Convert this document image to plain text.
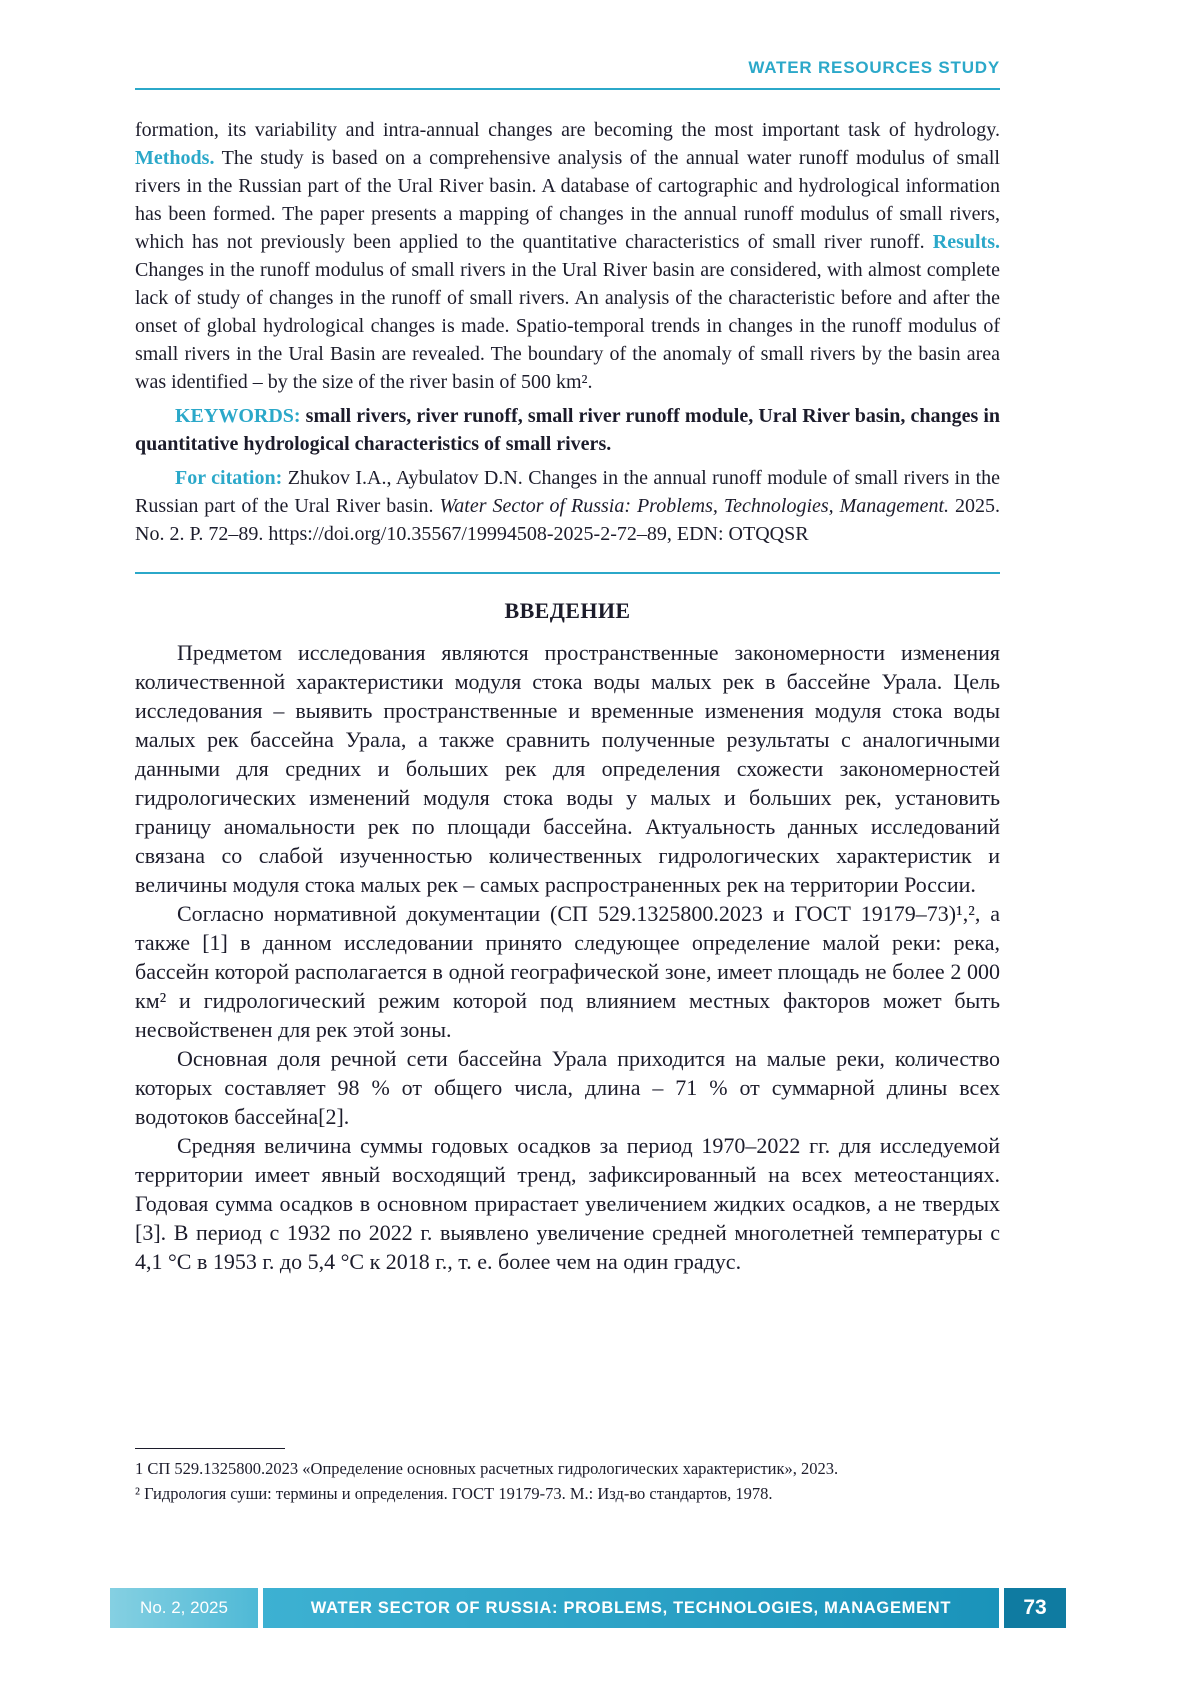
WATER RESOURCES STUDY

formation, its variability and intra-annual changes are becoming the most important task of hydrology. Methods. The study is based on a comprehensive analysis of the annual water runoff modulus of small rivers in the Russian part of the Ural River basin. A database of cartographic and hydrological information has been formed. The paper presents a mapping of changes in the annual runoff modulus of small rivers, which has not previously been applied to the quantitative characteristics of small river runoff. Results. Changes in the runoff modulus of small rivers in the Ural River basin are considered, with almost complete lack of study of changes in the runoff of small rivers. An analysis of the characteristic before and after the onset of global hydrological changes is made. Spatio-temporal trends in changes in the runoff modulus of small rivers in the Ural Basin are revealed. The boundary of the anomaly of small rivers by the basin area was identified – by the size of the river basin of 500 km².

KEYWORDS: small rivers, river runoff, small river runoff module, Ural River basin, changes in quantitative hydrological characteristics of small rivers.

For citation: Zhukov I.A., Aybulatov D.N. Changes in the annual runoff module of small rivers in the Russian part of the Ural River basin. Water Sector of Russia: Problems, Technologies, Management. 2025. No. 2. P. 72–89. https://doi.org/10.35567/19994508-2025-2-72–89, EDN: OTQQSR

ВВЕДЕНИЕ

Предметом исследования являются пространственные закономерности изменения количественной характеристики модуля стока воды малых рек в бассейне Урала. Цель исследования – выявить пространственные и временные изменения модуля стока воды малых рек бассейна Урала, а также сравнить полученные результаты с аналогичными данными для средних и больших рек для определения схожести закономерностей гидрологических изменений модуля стока воды у малых и больших рек, установить границу аномальности рек по площади бассейна. Актуальность данных исследований связана со слабой изученностью количественных гидрологических характеристик и величины модуля стока малых рек – самых распространенных рек на территории России.

Согласно нормативной документации (СП 529.1325800.2023 и ГОСТ 19179–73)¹,², а также [1] в данном исследовании принято следующее определение малой реки: река, бассейн которой располагается в одной географической зоне, имеет площадь не более 2 000 км² и гидрологический режим которой под влиянием местных факторов может быть несвойственен для рек этой зоны.

Основная доля речной сети бассейна Урала приходится на малые реки, количество которых составляет 98 % от общего числа, длина – 71 % от суммарной длины всех водотоков бассейна[2].

Средняя величина суммы годовых осадков за период 1970–2022 гг. для исследуемой территории имеет явный восходящий тренд, зафиксированный на всех метеостанциях. Годовая сумма осадков в основном прирастает увеличением жидких осадков, а не твердых [3]. В период с 1932 по 2022 г. выявлено увеличение средней многолетней температуры с 4,1 °С в 1953 г. до 5,4 °С к 2018 г., т. е. более чем на один градус.

1 СП 529.1325800.2023 «Определение основных расчетных гидрологических характеристик», 2023.

² Гидрология суши: термины и определения. ГОСТ 19179-73. М.: Изд-во стандартов, 1978.

No. 2, 2025	WATER SECTOR OF RUSSIA: PROBLEMS, TECHNOLOGIES, MANAGEMENT	73
